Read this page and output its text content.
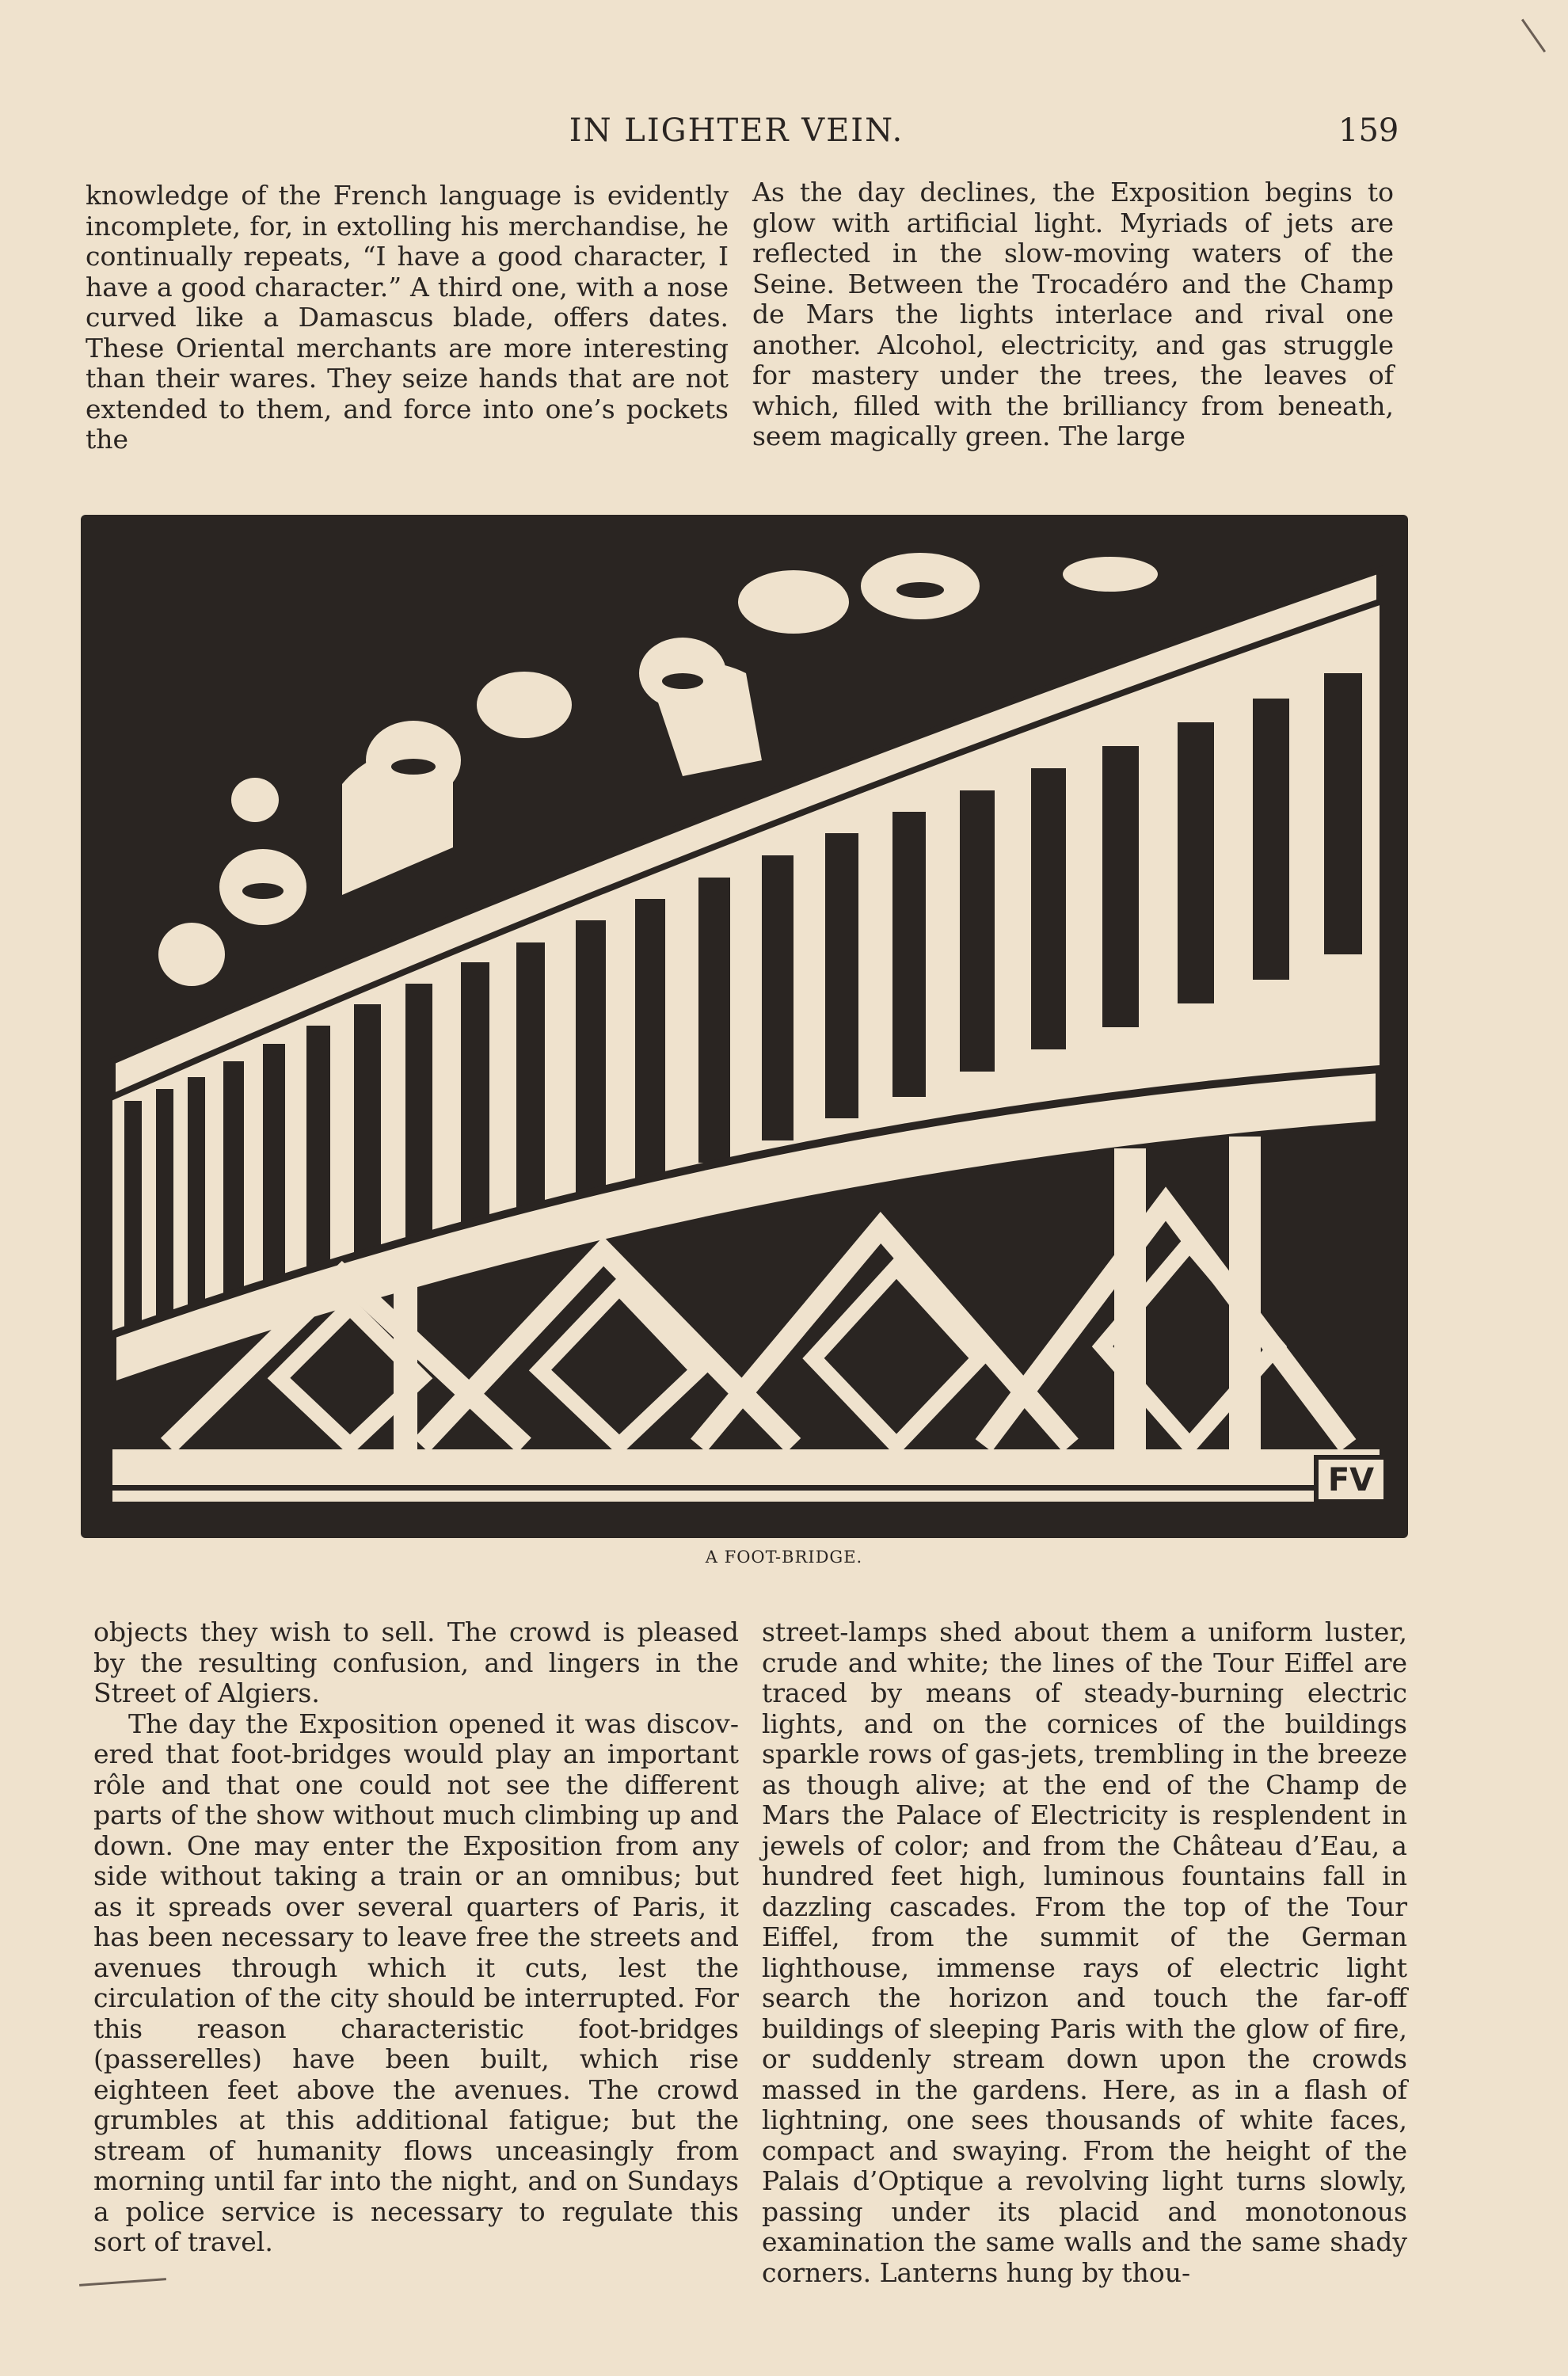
IN LIGHTER VEIN.	159

knowledge of the French language is evidently incomplete, for, in extolling his merchandise, he continually repeats, “I have a good character, I have a good character.” A third one, with a nose curved like a Damascus blade, offers dates. These Oriental merchants are more interesting than their wares. They seize hands that are not extended to them, and force into one’s pockets the

As the day declines, the Exposition begins to glow with artificial light. Myriads of jets are reflected in the slow-moving waters of the Seine. Between the Trocadéro and the Champ de Mars the lights interlace and rival one another. Alcohol, electricity, and gas struggle for mastery under the trees, the leaves of which, filled with the brilliancy from beneath, seem magically green. The large

FV
A FOOT-BRIDGE.

objects they wish to sell. The crowd is pleased by the resulting confusion, and lingers in the Street of Algiers.

The day the Exposition opened it was discovered that foot-bridges would play an important rôle and that one could not see the different parts of the show without much climbing up and down. One may enter the Exposition from any side without taking a train or an omnibus; but as it spreads over several quarters of Paris, it has been necessary to leave free the streets and avenues through which it cuts, lest the circulation of the city should be interrupted. For this reason characteristic foot-bridges (passerelles) have been built, which rise eighteen feet above the avenues. The crowd grumbles at this additional fatigue; but the stream of humanity flows unceasingly from morning until far into the night, and on Sundays a police service is necessary to regulate this sort of travel.

street-lamps shed about them a uniform luster, crude and white; the lines of the Tour Eiffel are traced by means of steady-burning electric lights, and on the cornices of the buildings sparkle rows of gas-jets, trembling in the breeze as though alive; at the end of the Champ de Mars the Palace of Electricity is resplendent in jewels of color; and from the Château d’Eau, a hundred feet high, luminous fountains fall in dazzling cascades. From the top of the Tour Eiffel, from the summit of the German lighthouse, immense rays of electric light search the horizon and touch the far-off buildings of sleeping Paris with the glow of fire, or suddenly stream down upon the crowds massed in the gardens. Here, as in a flash of lightning, one sees thousands of white faces, compact and swaying. From the height of the Palais d’Optique a revolving light turns slowly, passing under its placid and monotonous examination the same walls and the same shady corners. Lanterns hung by thou-
